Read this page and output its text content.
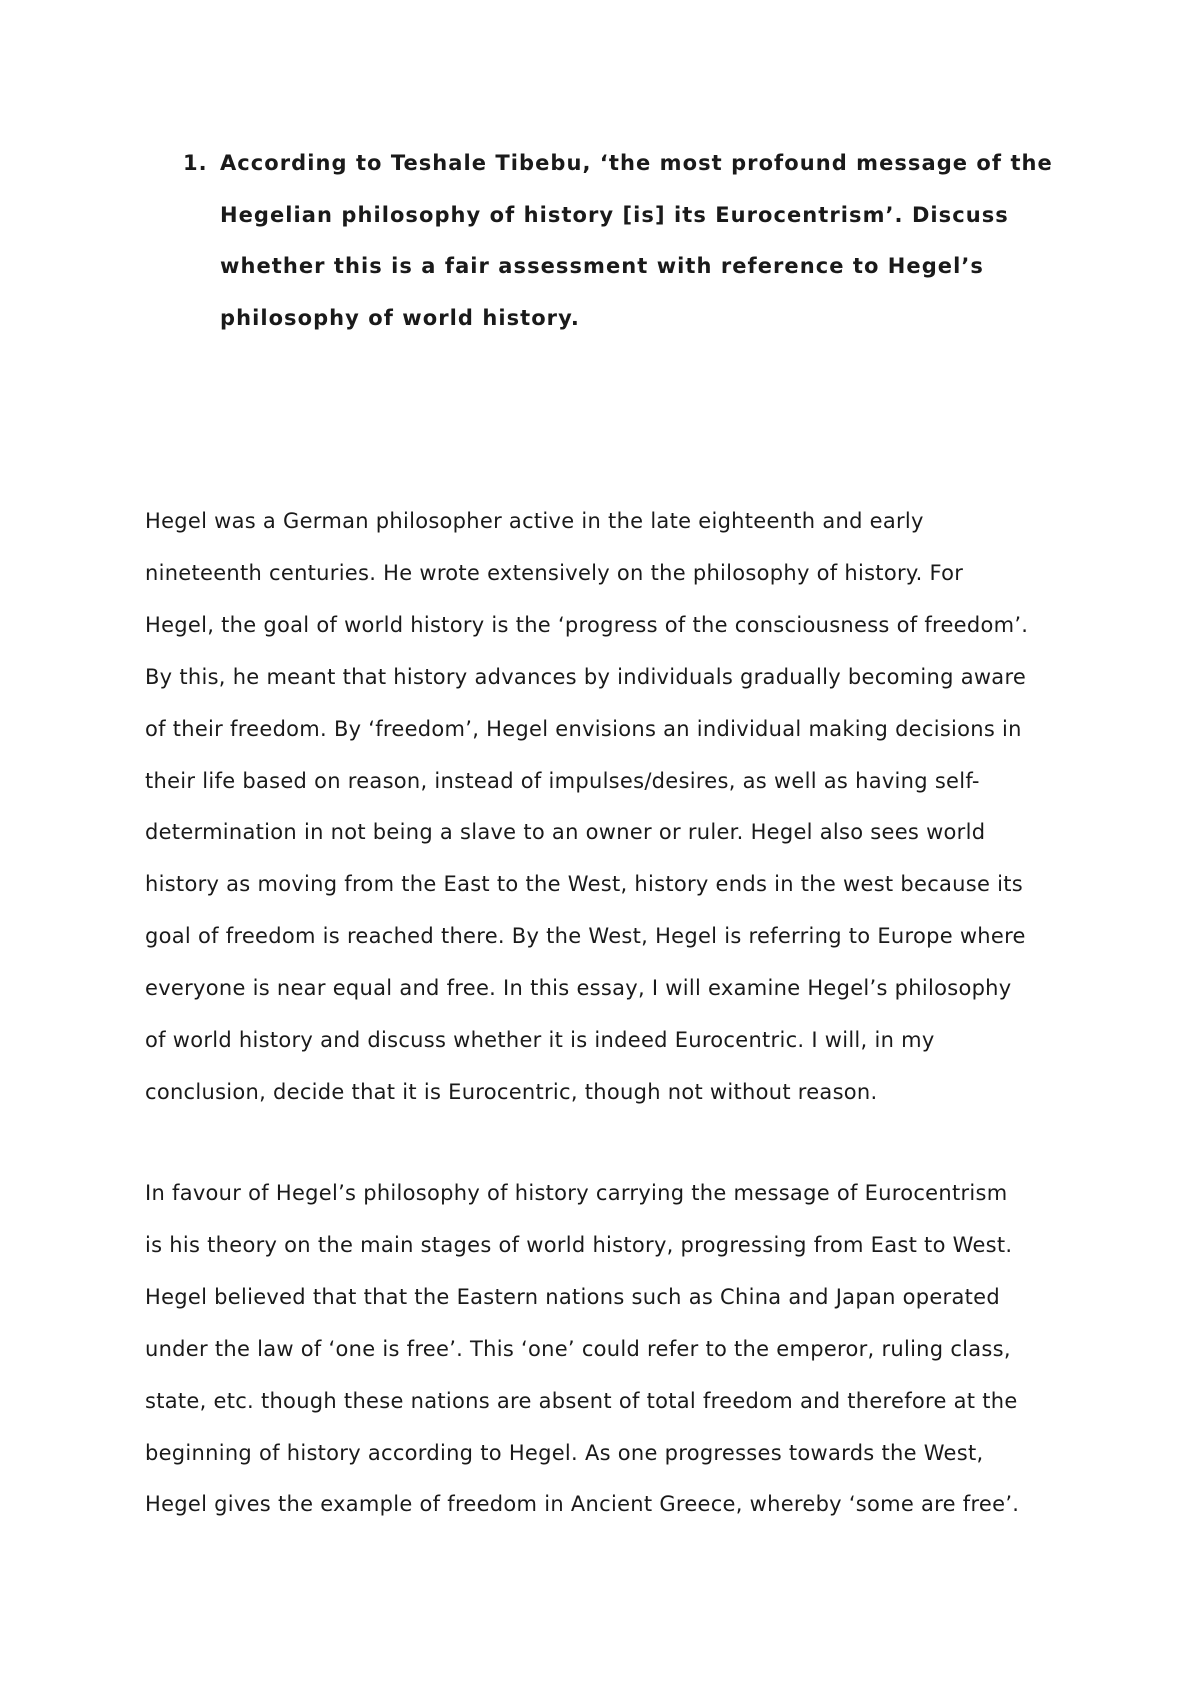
1. According to Teshale Tibebu, ‘the most profound message of the
Hegelian philosophy of history [is] its Eurocentrism’. Discuss
whether this is a fair assessment with reference to Hegel’s
philosophy of world history.

Hegel was a German philosopher active in the late eighteenth and early
nineteenth centuries. He wrote extensively on the philosophy of history. For
Hegel, the goal of world history is the ‘progress of the consciousness of freedom’.
By this, he meant that history advances by individuals gradually becoming aware
of their freedom. By ‘freedom’, Hegel envisions an individual making decisions in
their life based on reason, instead of impulses/desires, as well as having self-
determination in not being a slave to an owner or ruler. Hegel also sees world
history as moving from the East to the West, history ends in the west because its
goal of freedom is reached there. By the West, Hegel is referring to Europe where
everyone is near equal and free. In this essay, I will examine Hegel’s philosophy
of world history and discuss whether it is indeed Eurocentric. I will, in my
conclusion, decide that it is Eurocentric, though not without reason.

In favour of Hegel’s philosophy of history carrying the message of Eurocentrism
is his theory on the main stages of world history, progressing from East to West.
Hegel believed that that the Eastern nations such as China and Japan operated
under the law of ‘one is free’. This ‘one’ could refer to the emperor, ruling class,
state, etc. though these nations are absent of total freedom and therefore at the
beginning of history according to Hegel. As one progresses towards the West,
Hegel gives the example of freedom in Ancient Greece, whereby ‘some are free’.
